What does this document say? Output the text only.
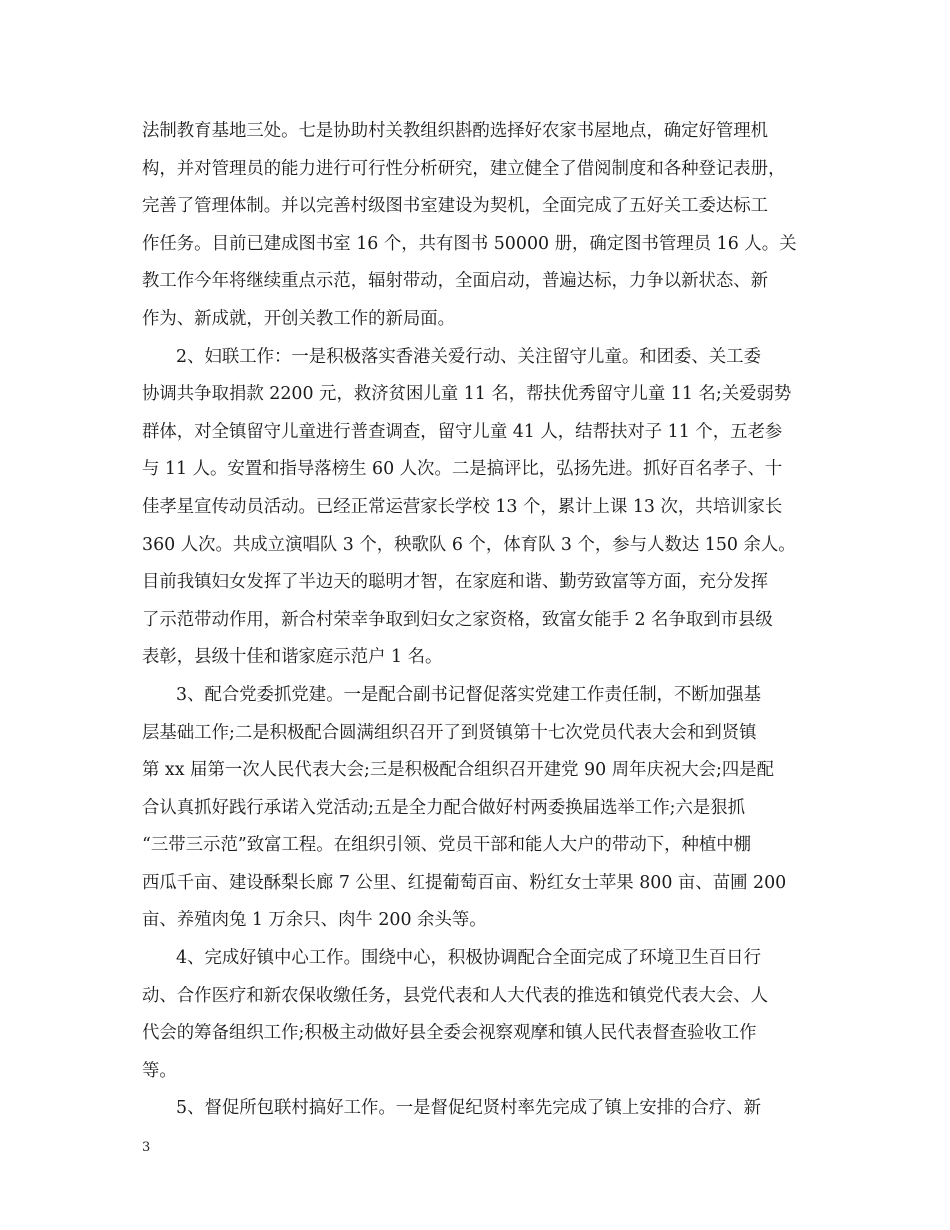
法制教育基地三处。七是协助村关教组织斟酌选择好农家书屋地点，确定好管理机
构，并对管理员的能力进行可行性分析研究，建立健全了借阅制度和各种登记表册，
完善了管理体制。并以完善村级图书室建设为契机，全面完成了五好关工委达标工
作任务。目前已建成图书室 16 个，共有图书 50000 册，确定图书管理员 16 人。关
教工作今年将继续重点示范，辐射带动，全面启动，普遍达标，力争以新状态、新
作为、新成就，开创关教工作的新局面。
2、妇联工作：一是积极落实香港关爱行动、关注留守儿童。和团委、关工委
协调共争取捐款 2200 元，救济贫困儿童 11 名，帮扶优秀留守儿童 11 名;关爱弱势
群体，对全镇留守儿童进行普查调查，留守儿童 41 人，结帮扶对子 11 个，五老参
与 11 人。安置和指导落榜生 60 人次。二是搞评比，弘扬先进。抓好百名孝子、十
佳孝星宣传动员活动。已经正常运营家长学校 13 个，累计上课 13 次，共培训家长
360 人次。共成立演唱队 3 个，秧歌队 6 个，体育队 3 个，参与人数达 150 余人。
目前我镇妇女发挥了半边天的聪明才智，在家庭和谐、勤劳致富等方面，充分发挥
了示范带动作用，新合村荣幸争取到妇女之家资格，致富女能手 2 名争取到市县级
表彰，县级十佳和谐家庭示范户 1 名。
3、配合党委抓党建。一是配合副书记督促落实党建工作责任制，不断加强基
层基础工作;二是积极配合圆满组织召开了到贤镇第十七次党员代表大会和到贤镇
第 xx 届第一次人民代表大会;三是积极配合组织召开建党 90 周年庆祝大会;四是配
合认真抓好践行承诺入党活动;五是全力配合做好村两委换届选举工作;六是狠抓
“三带三示范”致富工程。在组织引领、党员干部和能人大户的带动下，种植中棚
西瓜千亩、建设酥梨长廊 7 公里、红提葡萄百亩、粉红女士苹果 800 亩、苗圃 200
亩、养殖肉兔 1 万余只、肉牛 200 余头等。
4、完成好镇中心工作。围绕中心，积极协调配合全面完成了环境卫生百日行
动、合作医疗和新农保收缴任务，县党代表和人大代表的推选和镇党代表大会、人
代会的筹备组织工作;积极主动做好县全委会视察观摩和镇人民代表督查验收工作
等。
5、督促所包联村搞好工作。一是督促纪贤村率先完成了镇上安排的合疗、新
3
